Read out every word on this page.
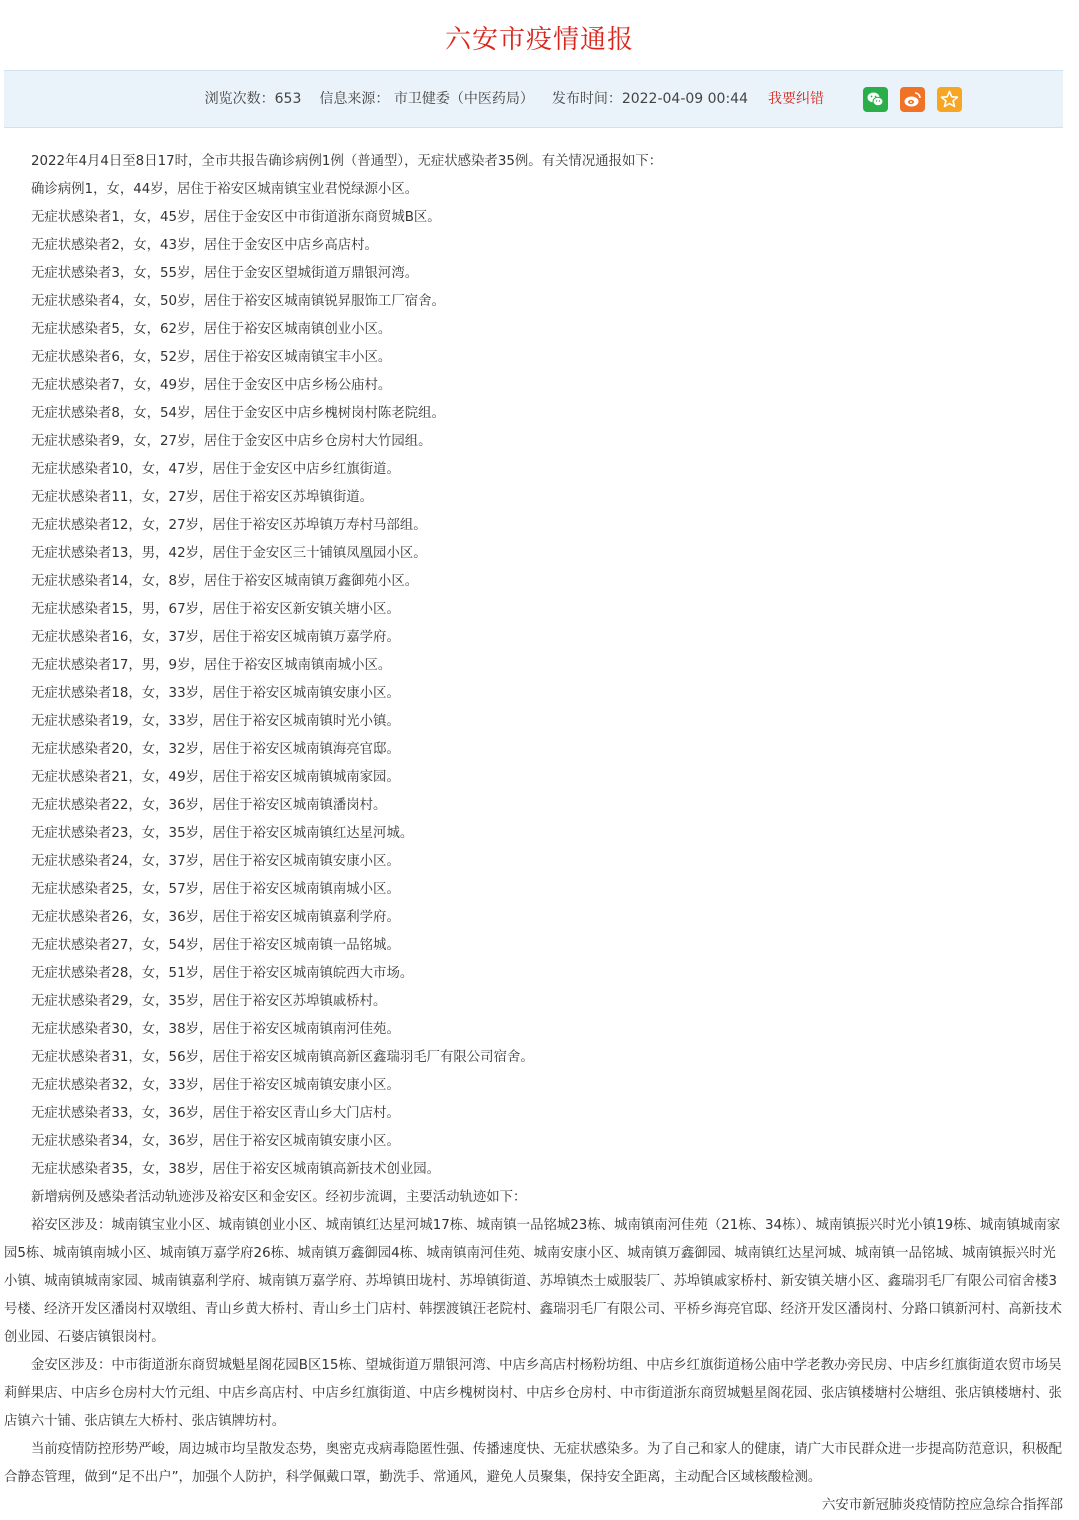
六安市疫情通报
浏览次数：653 信息来源： 市卫健委（中医药局） 发布时间：2022-04-09 00:44 我要纠错

2022年4月4日至8日17时，全市共报告确诊病例1例（普通型），无症状感染者35例。有关情况通报如下：

确诊病例1，女，44岁，居住于裕安区城南镇宝业君悦绿源小区。

无症状感染者1，女，45岁，居住于金安区中市街道浙东商贸城B区。

无症状感染者2，女，43岁，居住于金安区中店乡高店村。

无症状感染者3，女，55岁，居住于金安区望城街道万鼎银河湾。

无症状感染者4，女，50岁，居住于裕安区城南镇锐昇服饰工厂宿舍。

无症状感染者5，女，62岁，居住于裕安区城南镇创业小区。

无症状感染者6，女，52岁，居住于裕安区城南镇宝丰小区。

无症状感染者7，女，49岁，居住于金安区中店乡杨公庙村。

无症状感染者8，女，54岁，居住于金安区中店乡槐树岗村陈老院组。

无症状感染者9，女，27岁，居住于金安区中店乡仓房村大竹园组。

无症状感染者10，女，47岁，居住于金安区中店乡红旗街道。

无症状感染者11，女，27岁，居住于裕安区苏埠镇街道。

无症状感染者12，女，27岁，居住于裕安区苏埠镇万寿村马部组。

无症状感染者13，男，42岁，居住于金安区三十铺镇凤凰园小区。

无症状感染者14，女，8岁，居住于裕安区城南镇万鑫御苑小区。

无症状感染者15，男，67岁，居住于裕安区新安镇关塘小区。

无症状感染者16，女，37岁，居住于裕安区城南镇万嘉学府。

无症状感染者17，男，9岁，居住于裕安区城南镇南城小区。

无症状感染者18，女，33岁，居住于裕安区城南镇安康小区。

无症状感染者19，女，33岁，居住于裕安区城南镇时光小镇。

无症状感染者20，女，32岁，居住于裕安区城南镇海亮官邸。

无症状感染者21，女，49岁，居住于裕安区城南镇城南家园。

无症状感染者22，女，36岁，居住于裕安区城南镇潘岗村。

无症状感染者23，女，35岁，居住于裕安区城南镇红达星河城。

无症状感染者24，女，37岁，居住于裕安区城南镇安康小区。

无症状感染者25，女，57岁，居住于裕安区城南镇南城小区。

无症状感染者26，女，36岁，居住于裕安区城南镇嘉利学府。

无症状感染者27，女，54岁，居住于裕安区城南镇一品铭城。

无症状感染者28，女，51岁，居住于裕安区城南镇皖西大市场。

无症状感染者29，女，35岁，居住于裕安区苏埠镇戚桥村。

无症状感染者30，女，38岁，居住于裕安区城南镇南河佳苑。

无症状感染者31，女，56岁，居住于裕安区城南镇高新区鑫瑞羽毛厂有限公司宿舍。

无症状感染者32，女，33岁，居住于裕安区城南镇安康小区。

无症状感染者33，女，36岁，居住于裕安区青山乡大门店村。

无症状感染者34，女，36岁，居住于裕安区城南镇安康小区。

无症状感染者35，女，38岁，居住于裕安区城南镇高新技术创业园。

新增病例及感染者活动轨迹涉及裕安区和金安区。经初步流调，主要活动轨迹如下：

裕安区涉及：城南镇宝业小区、城南镇创业小区、城南镇红达星河城17栋、城南镇一品铭城23栋、城南镇南河佳苑（21栋、34栋）、城南镇振兴时光小镇19栋、城南镇城南家园5栋、城南镇南城小区、城南镇万嘉学府26栋、城南镇万鑫御园4栋、城南镇南河佳苑、城南安康小区、城南镇万鑫御园、城南镇红达星河城、城南镇一品铭城、城南镇振兴时光小镇、城南镇城南家园、城南镇嘉利学府、城南镇万嘉学府、苏埠镇田垅村、苏埠镇街道、苏埠镇杰士威服装厂、苏埠镇戚家桥村、新安镇关塘小区、鑫瑞羽毛厂有限公司宿舍楼3号楼、经济开发区潘岗村双墩组、青山乡黄大桥村、青山乡土门店村、韩摆渡镇汪老院村、鑫瑞羽毛厂有限公司、平桥乡海亮官邸、经济开发区潘岗村、分路口镇新河村、高新技术创业园、石婆店镇银岗村。

金安区涉及：中市街道浙东商贸城魁星阁花园B区15栋、望城街道万鼎银河湾、中店乡高店村杨粉坊组、中店乡红旗街道杨公庙中学老教办旁民房、中店乡红旗街道农贸市场吴莉鲜果店、中店乡仓房村大竹元组、中店乡高店村、中店乡红旗街道、中店乡槐树岗村、中店乡仓房村、中市街道浙东商贸城魁星阁花园、张店镇楼塘村公塘组、张店镇楼塘村、张店镇六十铺、张店镇左大桥村、张店镇牌坊村。

当前疫情防控形势严峻，周边城市均呈散发态势，奥密克戎病毒隐匿性强、传播速度快、无症状感染多。为了自己和家人的健康，请广大市民群众进一步提高防范意识，积极配合静态管理，做到“足不出户”，加强个人防护，科学佩戴口罩，勤洗手、常通风，避免人员聚集，保持安全距离，主动配合区域核酸检测。

六安市新冠肺炎疫情防控应急综合指挥部
